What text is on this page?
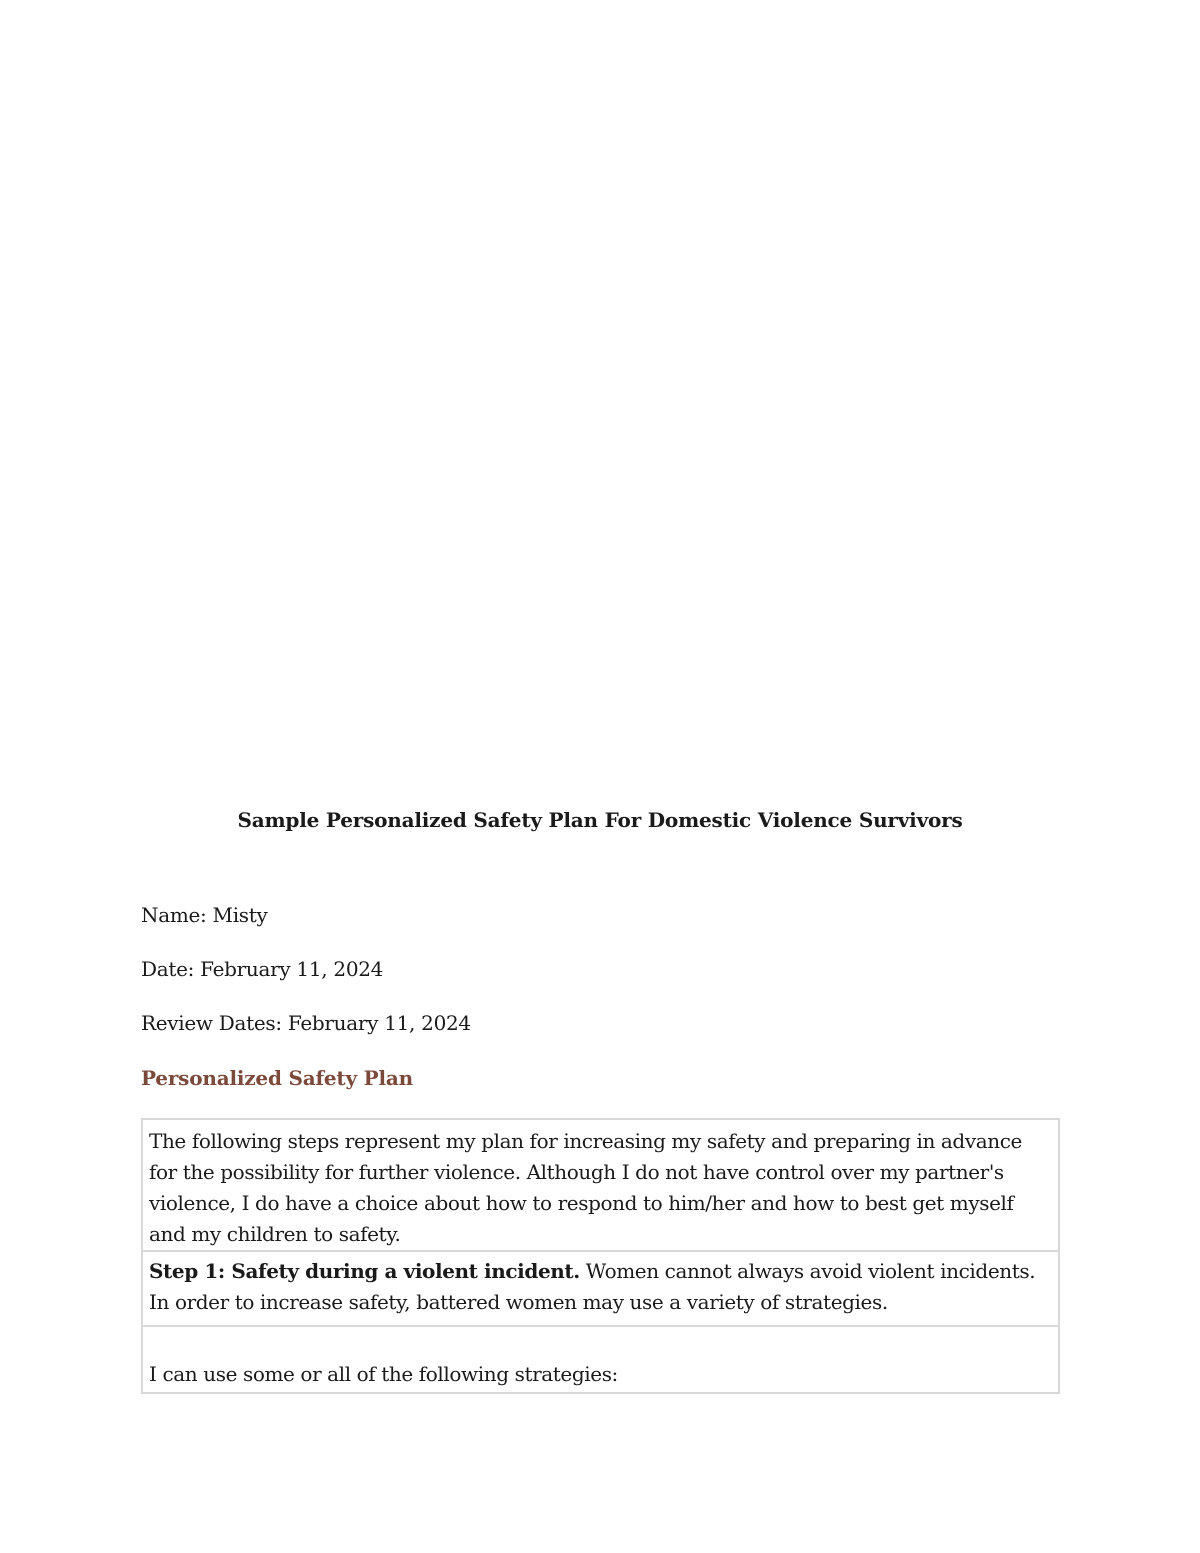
Sample Personalized Safety Plan For Domestic Violence Survivors

Name: Misty

Date: February 11, 2024

Review Dates: February 11, 2024

Personalized Safety Plan
The following steps represent my plan for increasing my safety and preparing in advance for the possibility for further violence. Although I do not have control over my partner's violence, I do have a choice about how to respond to him/her and how to best get myself and my children to safety.
Step 1: Safety during a violent incident. Women cannot always avoid violent incidents. In order to increase safety, battered women may use a variety of strategies.
I can use some or all of the following strategies:
